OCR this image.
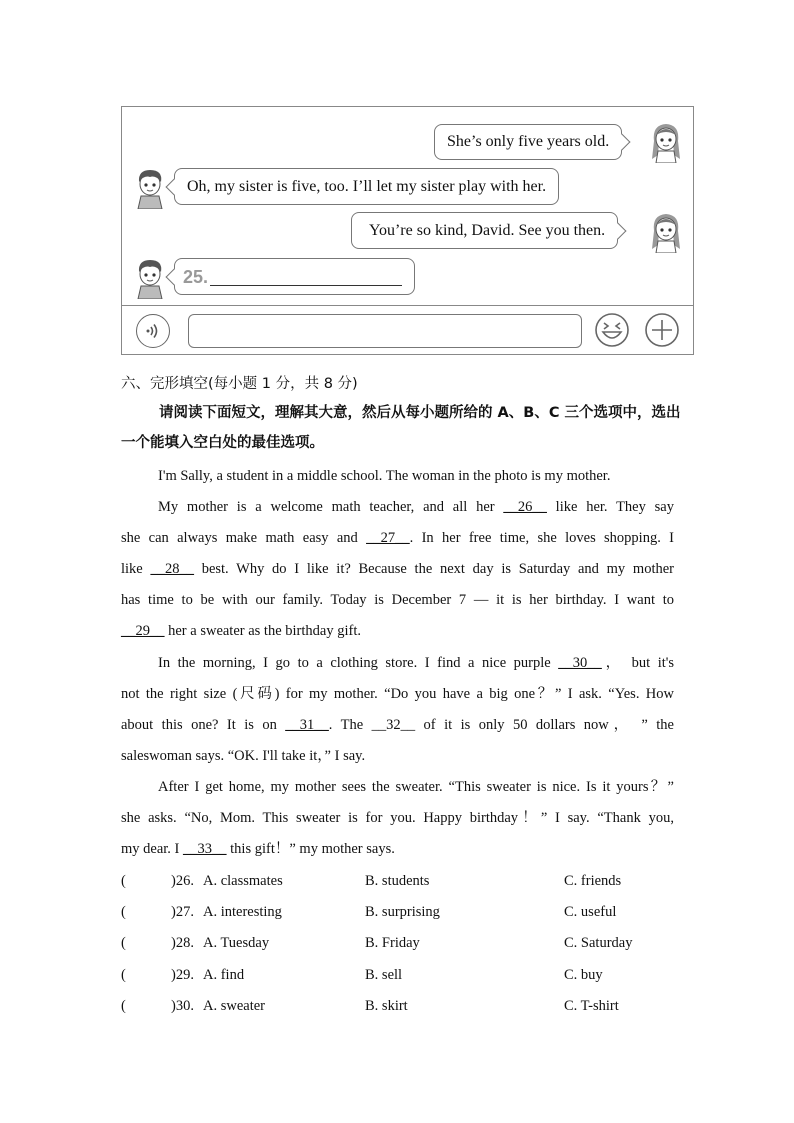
She’s only five years old.
Oh, my sister is five, too. I’ll let my sister play with her.
You’re so kind, David. See you then.
25.
六、完形填空(每小题 1 分，共 8 分)
请阅读下面短文，理解其大意，然后从每小题所给的 A、B、C 三个选项中，选出一个能填入空白处的最佳选项。
I'm Sally, a student in a middle school. The woman in the photo is my mother.
My mother is a welcome math teacher, and all her __26__ like her. They say
she can always make math easy and __27__. In her free time, she loves shopping. I
like __28__ best. Why do I like it? Because the next day is Saturday and my mother
has time to be with our family. Today is December 7 — it is her birthday. I want to
__29__ her a sweater as the birthday gift.
In the morning, I go to a clothing store. I find a nice purple __30__， but it's
not the right size (尺码) for my mother. “Do you have a big one？” I ask. “Yes. How
about this one? It is on __31__. The __32__ of it is only 50 dollars now， ” the
saleswoman says. “OK. I'll take it，” I say.
After I get home, my mother sees the sweater. “This sweater is nice. Is it yours？”
she asks. “No, Mom. This sweater is for you. Happy birthday！” I say. “Thank you,
my dear. I __33__ this gift！” my mother says.
(	)26. A. classmates	B. students	C. friends
(	)27. A. interesting	B. surprising	C. useful
(	)28. A. Tuesday	B. Friday	C. Saturday
(	)29. A. find	B. sell	C. buy
(	)30. A. sweater	B. skirt	C. T-shirt
